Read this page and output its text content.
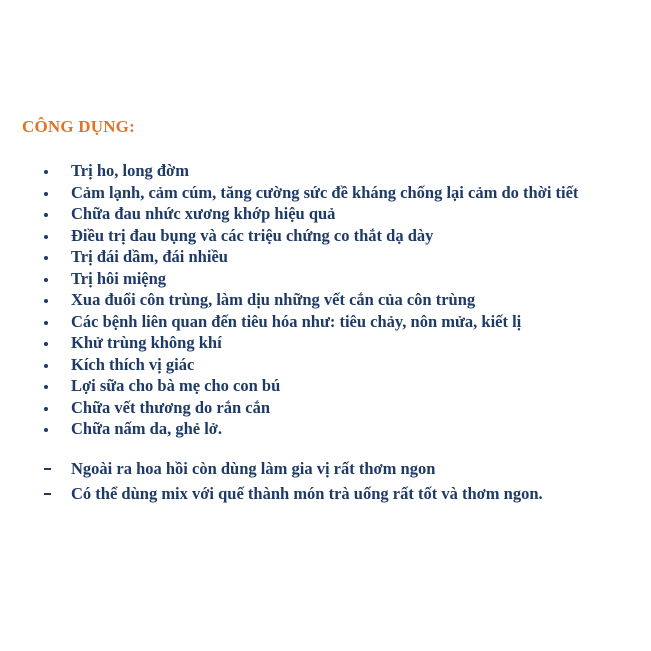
CÔNG DỤNG:
Trị ho, long đờm
Cảm lạnh, cảm cúm, tăng cường sức đề kháng chống lại cảm do thời tiết
Chữa đau nhức xương khớp hiệu quả
Điều trị đau bụng và các triệu chứng co thắt dạ dày
Trị đái dầm, đái nhiều
Trị hôi miệng
Xua đuổi côn trùng, làm dịu những vết cắn của côn trùng
Các bệnh liên quan đến tiêu hóa như: tiêu chảy, nôn mửa, kiết lị
Khử trùng không khí
Kích thích vị giác
Lợi sữa cho bà mẹ cho con bú
Chữa vết thương do rắn cắn
Chữa nấm da, ghẻ lở.
Ngoài ra hoa hồi còn dùng làm gia vị rất thơm ngon
Có thể dùng mix với quế thành món trà uống rất tốt và thơm ngon.
